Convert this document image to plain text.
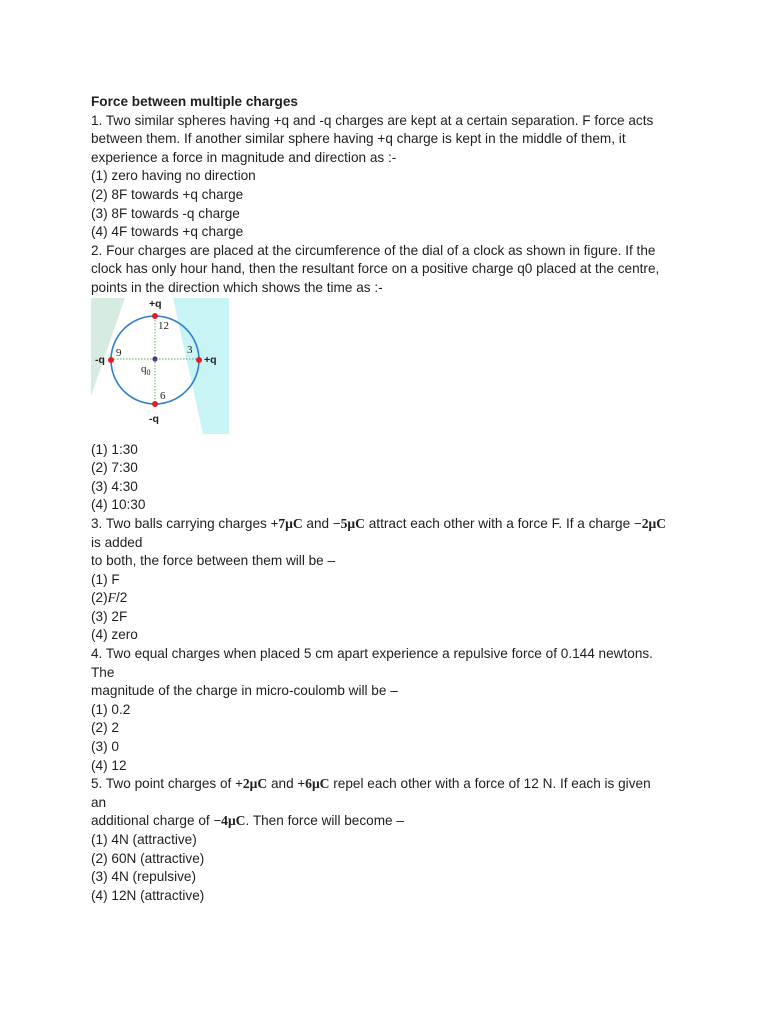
Force between multiple charges
1. Two similar spheres having +q and -q charges are kept at a certain separation. F force acts
between them. If another similar sphere having +q charge is kept in the middle of them, it
experience a force in magnitude and direction as :-
(1) zero having no direction
(2) 8F towards +q charge
(3) 8F towards -q charge
(4) 4F towards +q charge
2. Four charges are placed at the circumference of the dial of a clock as shown in figure. If the
clock has only hour hand, then the resultant force on a positive charge q0 placed at the centre,
points in the direction which shows the time as :-
+q
+q
-q
-q
12
3
6
9
$q_0$
(1) 1:30
(2) 7:30
(3) 4:30
(4) 10:30
3. Two balls carrying charges +7μC and −5μC attract each other with a force F. If a charge −2μC
is added
to both, the force between them will be –
(1) F
(2)F/2
(3) 2F
(4) zero
4. Two equal charges when placed 5 cm apart experience a repulsive force of 0.144 newtons.
The
magnitude of the charge in micro-coulomb will be –
(1) 0.2
(2) 2
(3) 0
(4) 12
5. Two point charges of +2μC and +6μC repel each other with a force of 12 N. If each is given
an
additional charge of −4μC. Then force will become –
(1) 4N (attractive)
(2) 60N (attractive)
(3) 4N (repulsive)
(4) 12N (attractive)
